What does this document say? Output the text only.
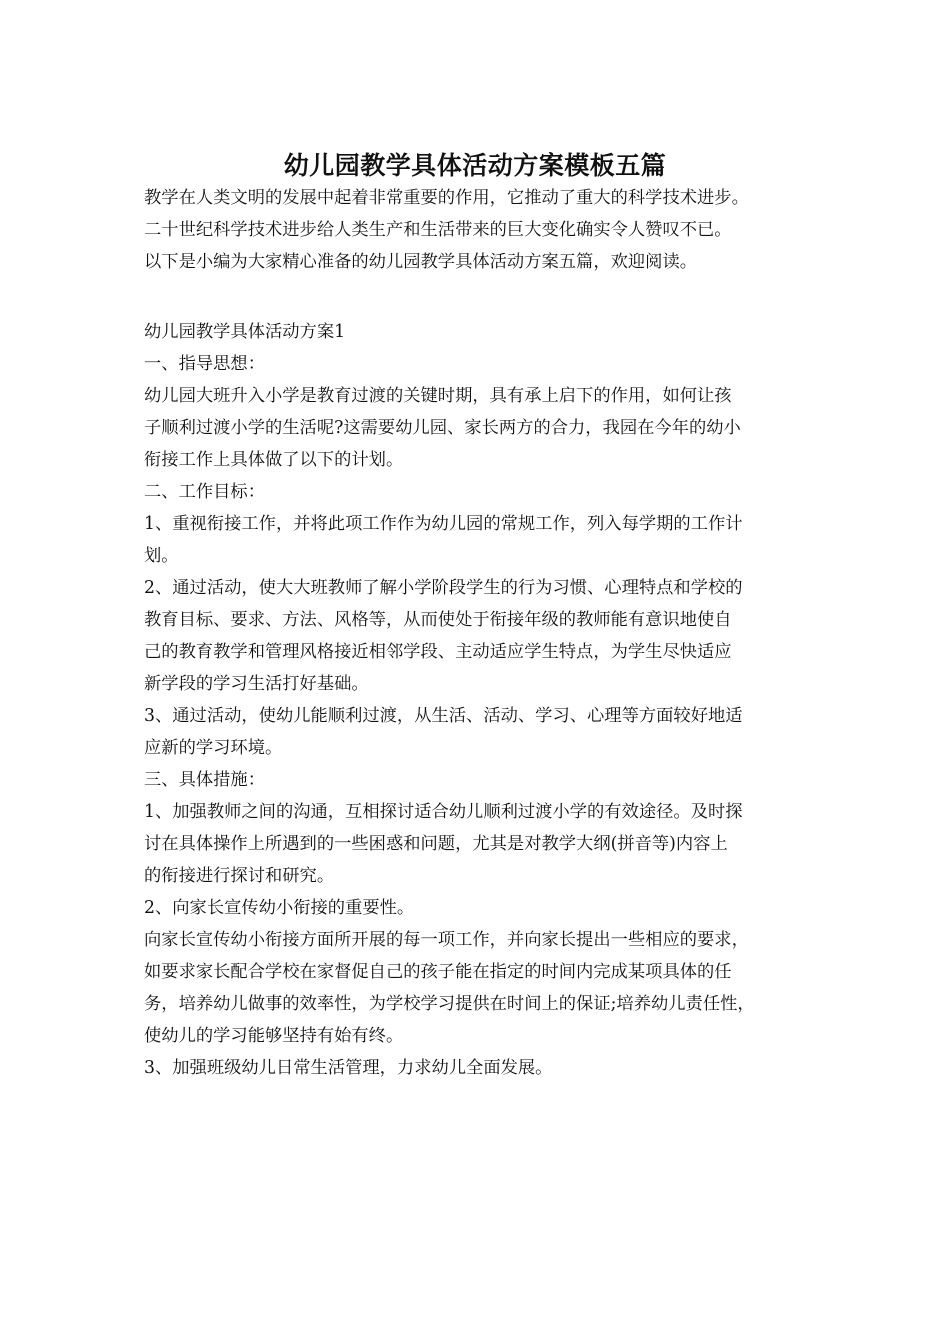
幼儿园教学具体活动方案模板五篇

教学在人类文明的发展中起着非常重要的作用，它推动了重大的科学技术进步。

二十世纪科学技术进步给人类生产和生活带来的巨大变化确实令人赞叹不已。

以下是小编为大家精心准备的幼儿园教学具体活动方案五篇，欢迎阅读。

幼儿园教学具体活动方案1

一、指导思想：

幼儿园大班升入小学是教育过渡的关键时期，具有承上启下的作用，如何让孩

子顺利过渡小学的生活呢?这需要幼儿园、家长两方的合力，我园在今年的幼小

衔接工作上具体做了以下的计划。

二、工作目标：

1、重视衔接工作，并将此项工作作为幼儿园的常规工作，列入每学期的工作计

划。

2、通过活动，使大大班教师了解小学阶段学生的行为习惯、心理特点和学校的

教育目标、要求、方法、风格等，从而使处于衔接年级的教师能有意识地使自

己的教育教学和管理风格接近相邻学段、主动适应学生特点，为学生尽快适应

新学段的学习生活打好基础。

3、通过活动，使幼儿能顺利过渡，从生活、活动、学习、心理等方面较好地适

应新的学习环境。

三、具体措施：

1、加强教师之间的沟通，互相探讨适合幼儿顺利过渡小学的有效途径。及时探

讨在具体操作上所遇到的一些困惑和问题，尤其是对教学大纲(拼音等)内容上

的衔接进行探讨和研究。

2、向家长宣传幼小衔接的重要性。

向家长宣传幼小衔接方面所开展的每一项工作，并向家长提出一些相应的要求，

如要求家长配合学校在家督促自己的孩子能在指定的时间内完成某项具体的任

务，培养幼儿做事的效率性，为学校学习提供在时间上的保证;培养幼儿责任性，

使幼儿的学习能够坚持有始有终。

3、加强班级幼儿日常生活管理，力求幼儿全面发展。
